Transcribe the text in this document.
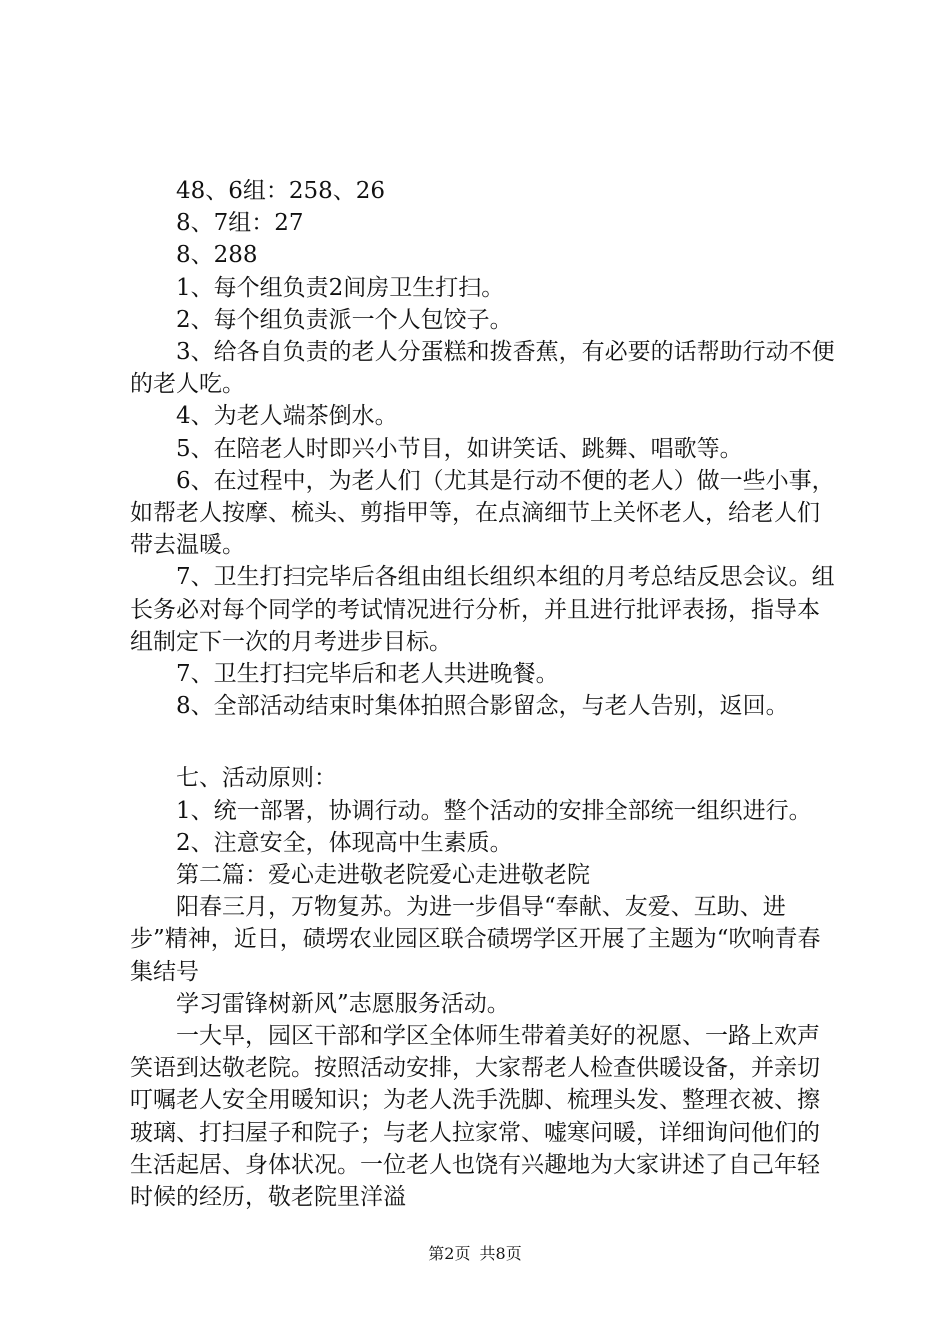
48、6组：258、26

8、7组：27

8、288

1、每个组负责2间房卫生打扫。

2、每个组负责派一个人包饺子。

3、给各自负责的老人分蛋糕和拨香蕉，有必要的话帮助行动不便的老人吃。

4、为老人端茶倒水。

5、在陪老人时即兴小节目，如讲笑话、跳舞、唱歌等。

6、在过程中，为老人们（尤其是行动不便的老人）做一些小事，如帮老人按摩、梳头、剪指甲等，在点滴细节上关怀老人，给老人们带去温暖。

7、卫生打扫完毕后各组由组长组织本组的月考总结反思会议。组长务必对每个同学的考试情况进行分析，并且进行批评表扬，指导本组制定下一次的月考进步目标。

7、卫生打扫完毕后和老人共进晚餐。

8、全部活动结束时集体拍照合影留念，与老人告别，返回。

七、活动原则：

1、统一部署，协调行动。整个活动的安排全部统一组织进行。

2、注意安全，体现高中生素质。

第二篇：爱心走进敬老院爱心走进敬老院

阳春三月，万物复苏。为进一步倡导“奉献、友爱、互助、进步”精神，近日，碛塄农业园区联合碛塄学区开展了主题为“吹响青春集结号

学习雷锋树新风”志愿服务活动。

一大早，园区干部和学区全体师生带着美好的祝愿、一路上欢声笑语到达敬老院。按照活动安排，大家帮老人检查供暖设备，并亲切叮嘱老人安全用暖知识；为老人洗手洗脚、梳理头发、整理衣被、擦玻璃、打扫屋子和院子；与老人拉家常、嘘寒问暖，详细询问他们的生活起居、身体状况。一位老人也饶有兴趣地为大家讲述了自己年轻时候的经历，敬老院里洋溢

第2页 共8页
